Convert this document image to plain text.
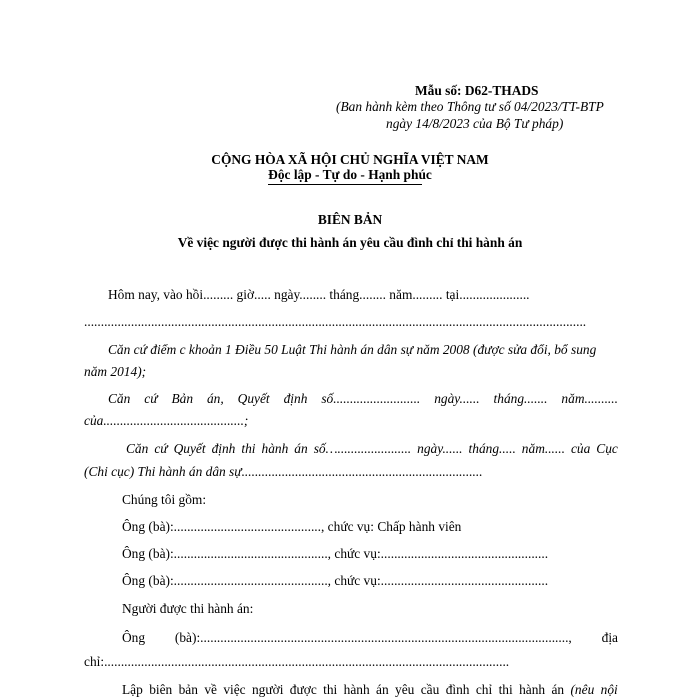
Mẫu số: D62-THADS
(Ban hành kèm theo Thông tư số 04/2023/TT-BTP
ngày 14/8/2023 của Bộ Tư pháp)
CỘNG HÒA XÃ HỘI CHỦ NGHĨA VIỆT NAM
Độc lập - Tự do - Hạnh phúc
BIÊN BẢN
Về việc người được thi hành án yêu cầu đình chỉ thi hành án
Hôm nay, vào hồi......... giờ..... ngày........ tháng........ năm......... tại.....................
......................................................................................................................................................
Căn cứ điểm c khoản 1 Điều 50 Luật Thi hành án dân sự năm 2008 (được sửa đổi, bổ sung
năm 2014);
Căn cứ Bản án, Quyết định số.......................... ngày...... tháng....... năm..........
của..........................................;
Căn cứ Quyết định thi hành án số…...................... ngày...... tháng..... năm...... của Cục
(Chi cục) Thi hành án dân sự........................................................................
Chúng tôi gồm:
Ông (bà):............................................, chức vụ: Chấp hành viên
Ông (bà):.............................................., chức vụ:..................................................
Ông (bà):.............................................., chức vụ:..................................................
Người được thi hành án:
Ông (bà):.............................................................................................................., địa
chỉ:.........................................................................................................................
Lập biên bản về việc người được thi hành án yêu cầu đình chỉ thi hành án (nêu nội
